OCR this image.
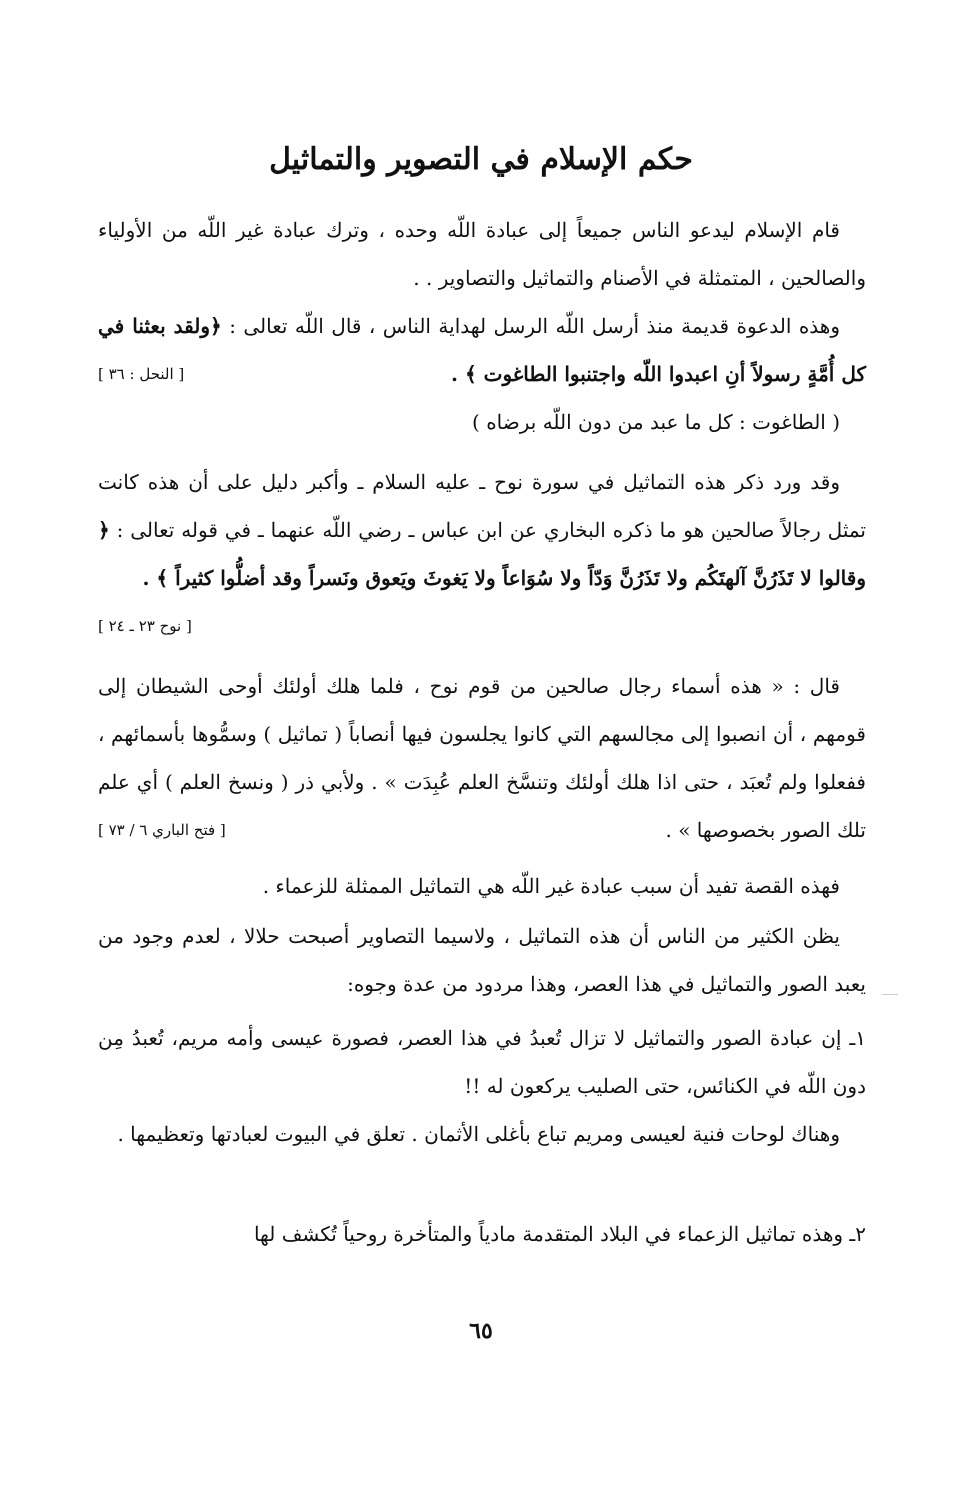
حكم الإسلام في التصوير والتماثيل

قام الإسلام ليدعو الناس جميعاً إلى عبادة اللّه وحده ، وترك عبادة غير اللّه من الأولياء والصالحين ، المتمثلة في الأصنام والتماثيل والتصاوير . .

وهذه الدعوة قديمة منذ أرسل اللّه الرسل لهداية الناس ، قال اللّه تعالى : ﴿ولقد بعثنا في كل أُمَّةٍ رسولاً أنِ اعبدوا اللّه واجتنبوا الطاغوت ﴾ .
[ النحل : ٣٦ ]

( الطاغوت : كل ما عبد من دون اللّه برضاه )

وقد ورد ذكر هذه التماثيل في سورة نوح ـ عليه السلام ـ وأكبر دليل على أن هذه كانت تمثل رجالاً صالحين هو ما ذكره البخاري عن ابن عباس ـ رضي اللّه عنهما ـ في قوله تعالى : ﴿ وقالوا لا تَذَرُنَّ آلهتَكُم ولا تَذَرُنَّ وَدّاً ولا سُوَاعاً ولا يَغوثَ ويَعوق ونَسراً وقد أضلُّوا كثيراً ﴾ .
[ نوح ٢٣ ـ ٢٤ ]

قال : « هذه أسماء رجال صالحين من قوم نوح ، فلما هلك أولئك أوحى الشيطان إلى قومهم ، أن انصبوا إلى مجالسهم التي كانوا يجلسون فيها أنصاباً ( تماثيل ) وسمُّوها بأسمائهم ، ففعلوا ولم تُعبَد ، حتى اذا هلك أولئك وتنسَّخ العلم عُبِدَت » . ولأبي ذر ( ونسخ العلم ) أي علم تلك الصور بخصوصها » .
[ فتح الباري ٦ / ٧٣ ]

فهذه القصة تفيد أن سبب عبادة غير اللّه هي التماثيل الممثلة للزعماء .

يظن الكثير من الناس أن هذه التماثيل ، ولاسيما التصاوير أصبحت حلالا ، لعدم وجود من يعبد الصور والتماثيل في هذا العصر، وهذا مردود من عدة وجوه:

١ـ إن عبادة الصور والتماثيل لا تزال تُعبدُ في هذا العصر، فصورة عيسى وأمه مريم، تُعبدُ مِن دون اللّه في الكنائس، حتى الصليب يركعون له !!

وهناك لوحات فنية لعيسى ومريم تباع بأغلى الأثمان . تعلق في البيوت لعبادتها وتعظيمها .

٢ـ وهذه تماثيل الزعماء في البلاد المتقدمة مادياً والمتأخرة روحياً تُكشف لها

٦٥
